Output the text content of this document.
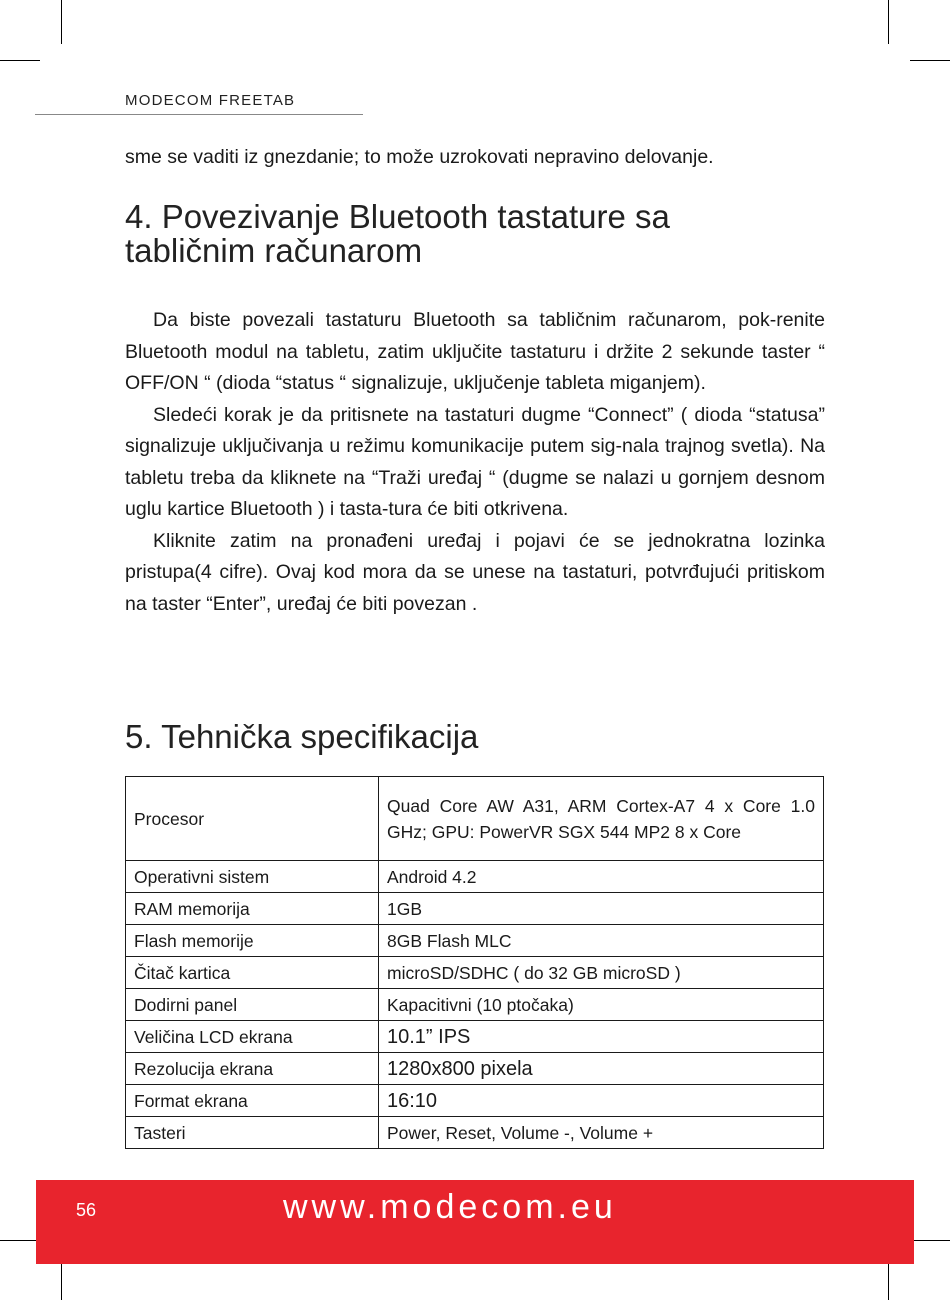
MODECOM FREETAB
sme se vaditi iz gnezdanie; to može uzrokovati nepravino delovanje.
4. Povezivanje Bluetooth tastature sa tabličnim računarom

Da biste povezali tastaturu Bluetooth sa tabličnim računarom, pok-renite Bluetooth modul na tabletu, zatim uključite tastaturu i držite 2 sekunde taster “ OFF/ON “ (dioda “status “ signalizuje, uključenje tableta miganjem).

Sledeći korak je da pritisnete na tastaturi dugme “Connect” ( dioda “statusa” signalizuje uključivanja u režimu komunikacije putem sig-nala trajnog svetla). Na tabletu treba da kliknete na “Traži uređaj “ (dugme se nalazi u gornjem desnom uglu kartice Bluetooth ) i tasta-tura će biti otkrivena.

Kliknite zatim na pronađeni uređaj i pojavi će se jednokratna lozinka pristupa(4 cifre). Ovaj kod mora da se unese na tastaturi, potvrđujući pritiskom na taster “Enter”, uređaj će biti povezan .

5. Tehnička specifikacija
Procesor	Quad Core AW A31, ARM Cortex-A7 4 x Core 1.0 GHz; GPU: PowerVR SGX 544 MP2 8 x Core
Operativni sistem	Android 4.2
RAM memorija	1GB
Flash memorije	8GB Flash MLC
Čitač kartica	microSD/SDHC ( do 32 GB microSD )
Dodirni panel	Kapacitivni (10 ptočaka)
Veličina LCD ekrana	10.1” IPS
Rezolucija ekrana	1280x800 pixela
Format ekrana	16:10
Tasteri	Power, Reset, Volume -, Volume +
56	www.modecom.eu
